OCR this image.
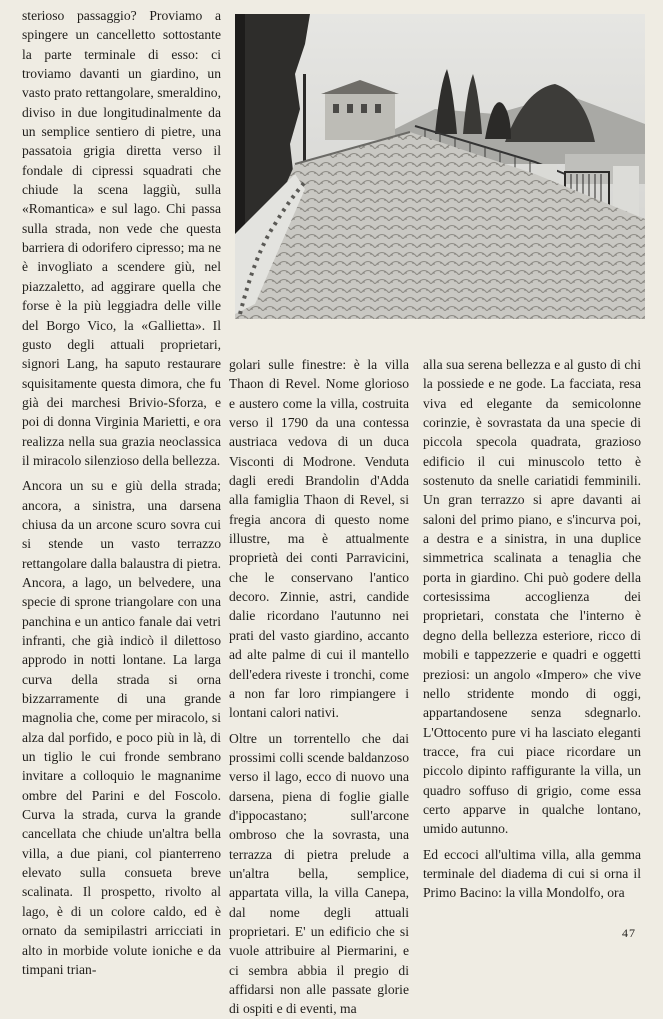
sterioso passaggio? Proviamo a spingere un cancelletto sottostante la parte terminale di esso: ci troviamo davanti un giardino, un vasto prato rettangolare, smeraldino, diviso in due longitudinalmente da un semplice sentiero di pietre, una passatoia grigia diretta verso il fondale di cipressi squadrati che chiude la scena laggiù, sulla «Romantica» e sul lago. Chi passa sulla strada, non vede che questa barriera di odorifero cipresso; ma ne è invogliato a scendere giù, nel piazzaletto, ad aggirare quella che forse è la più leggiadra delle ville del Borgo Vico, la «Gallietta». Il gusto degli attuali proprietari, signori Lang, ha saputo restaurare squisitamente questa dimora, che fu già dei marchesi Brivio-Sforza, e poi di donna Virginia Marietti, e ora realizza nella sua grazia neoclassica il miracolo silenzioso della bellezza.

Ancora un su e giù della strada; ancora, a sinistra, una darsena chiusa da un arcone scuro sovra cui si stende un vasto terrazzo rettangolare dalla balaustra di pietra. Ancora, a lago, un belvedere, una specie di sprone triangolare con una panchina e un antico fanale dai vetri infranti, che già indicò il dilettoso approdo in notti lontane. La larga curva della strada si orna bizzarramente di una grande magnolia che, come per miracolo, si alza dal porfido, e poco più in là, di un tiglio le cui fronde sembrano invitare a colloquio le magnanime ombre del Parini e del Foscolo. Curva la strada, curva la grande cancellata che chiude un'altra bella villa, a due piani, col pianterreno elevato sulla consueta breve scalinata. Il prospetto, rivolto al lago, è di un colore caldo, ed è ornato da semipilastri arricciati in alto in morbide volute ioniche e da timpani trian-

golari sulle finestre: è la villa Thaon di Revel. Nome glorioso e austero come la villa, costruita verso il 1790 da una contessa austriaca vedova di un duca Visconti di Modrone. Venduta dagli eredi Brandolin d'Adda alla famiglia Thaon di Revel, si fregia ancora di questo nome illustre, ma è attualmente proprietà dei conti Parravicini, che le conservano l'antico decoro. Zinnie, astri, candide dalie ricordano l'autunno nei prati del vasto giardino, accanto ad alte palme di cui il mantello dell'edera riveste i tronchi, come a non far loro rimpiangere i lontani calori nativi.

Oltre un torrentello che dai prossimi colli scende baldanzoso verso il lago, ecco di nuovo una darsena, piena di foglie gialle d'ippocastano; sull'arcone ombroso che la sovrasta, una terrazza di pietra prelude a un'altra bella, semplice, appartata villa, la villa Canepa, dal nome degli attuali proprietari. E' un edificio che si vuole attribuire al Piermarini, e ci sembra abbia il pregio di affidarsi non alle passate glorie di ospiti e di eventi, ma

alla sua serena bellezza e al gusto di chi la possiede e ne gode. La facciata, resa viva ed elegante da semicolonne corinzie, è sovrastata da una specie di piccola specola quadrata, grazioso edificio il cui minuscolo tetto è sostenuto da snelle cariatidi femminili. Un gran terrazzo si apre davanti ai saloni del primo piano, e s'incurva poi, a destra e a sinistra, in una duplice simmetrica scalinata a tenaglia che porta in giardino. Chi può godere della cortesissima accoglienza dei proprietari, constata che l'interno è degno della bellezza esteriore, ricco di mobili e tappezzerie e quadri e oggetti preziosi: un angolo «Impero» che vive nello stridente mondo di oggi, appartandosene senza sdegnarlo. L'Ottocento pure vi ha lasciato eleganti tracce, fra cui piace ricordare un piccolo dipinto raffigurante la villa, un quadro soffuso di grigio, come essa certo apparve in qualche lontano, umido autunno.

Ed eccoci all'ultima villa, alla gemma terminale del diadema di cui si orna il Primo Bacino: la villa Mondolfo, ora

47
